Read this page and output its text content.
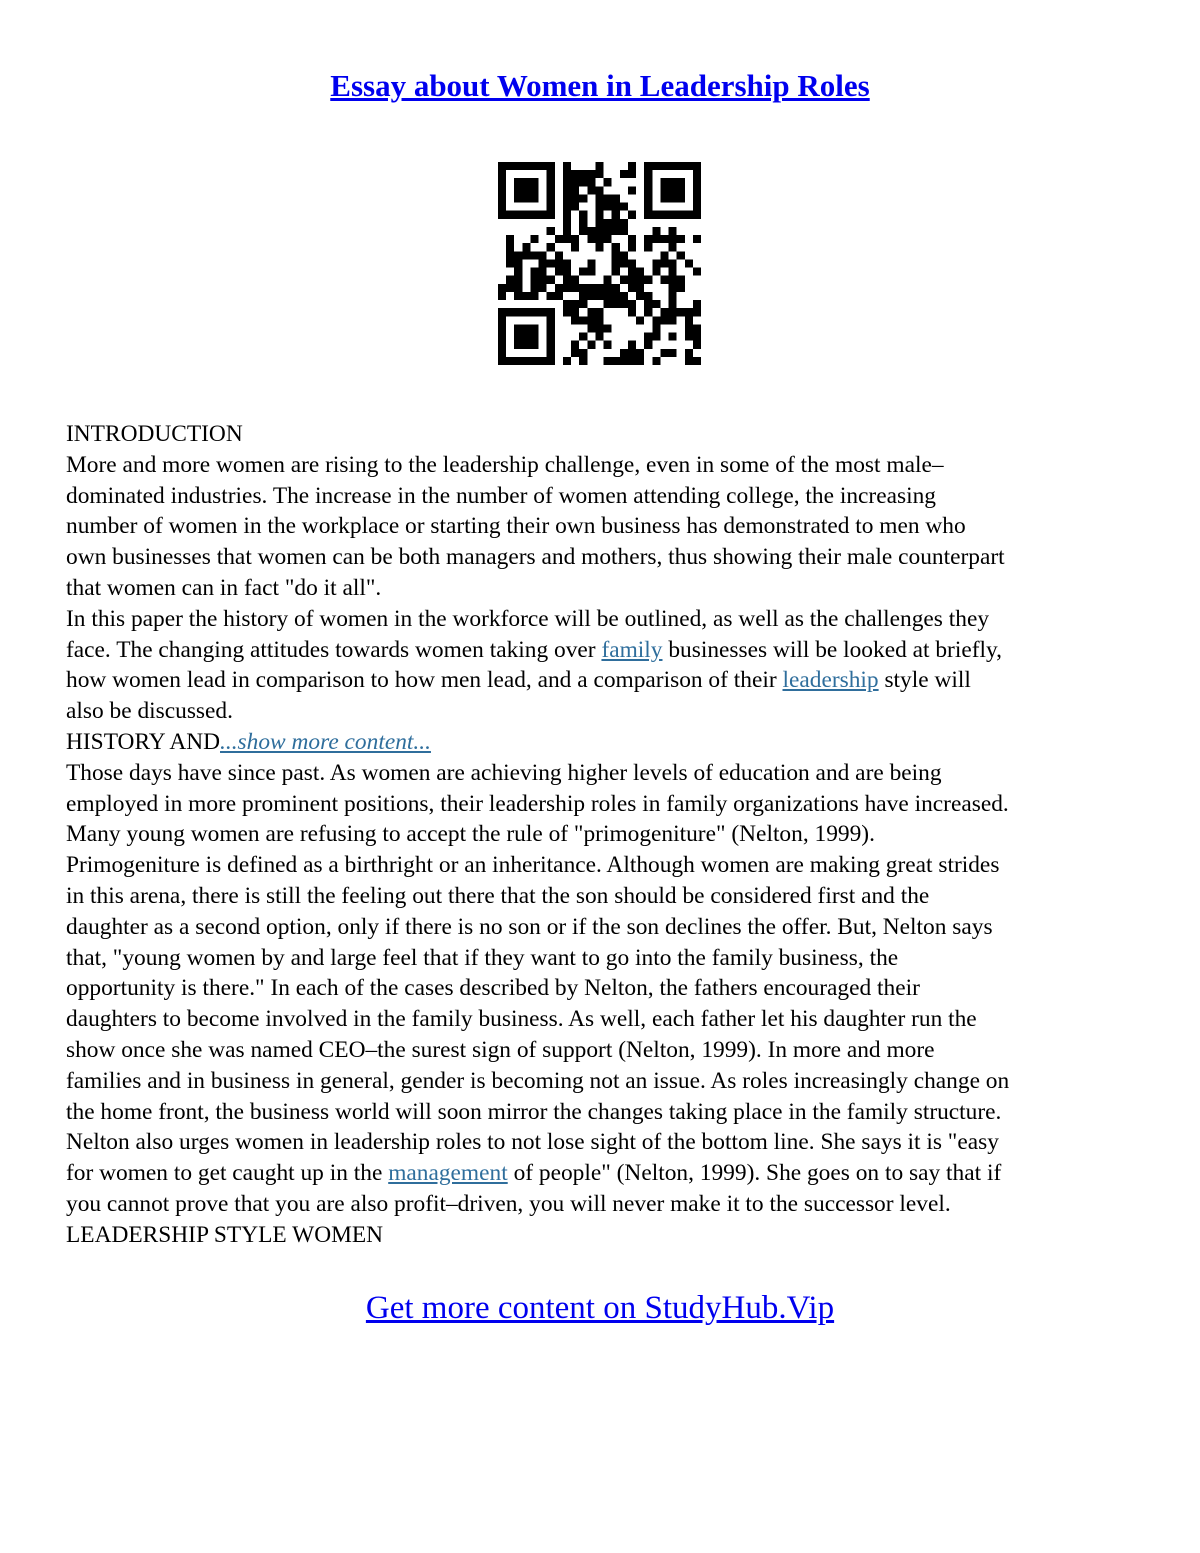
Essay about Women in Leadership Roles
INTRODUCTION
More and more women are rising to the leadership challenge, even in some of the most male–
dominated industries. The increase in the number of women attending college, the increasing
number of women in the workplace or starting their own business has demonstrated to men who
own businesses that women can be both managers and mothers, thus showing their male counterpart
that women can in fact "do it all".
In this paper the history of women in the workforce will be outlined, as well as the challenges they
face. The changing attitudes towards women taking over family businesses will be looked at briefly,
how women lead in comparison to how men lead, and a comparison of their leadership style will
also be discussed.
HISTORY AND...show more content...
Those days have since past. As women are achieving higher levels of education and are being
employed in more prominent positions, their leadership roles in family organizations have increased.
Many young women are refusing to accept the rule of "primogeniture" (Nelton, 1999).
Primogeniture is defined as a birthright or an inheritance. Although women are making great strides
in this arena, there is still the feeling out there that the son should be considered first and the
daughter as a second option, only if there is no son or if the son declines the offer. But, Nelton says
that, "young women by and large feel that if they want to go into the family business, the
opportunity is there." In each of the cases described by Nelton, the fathers encouraged their
daughters to become involved in the family business. As well, each father let his daughter run the
show once she was named CEO–the surest sign of support (Nelton, 1999). In more and more
families and in business in general, gender is becoming not an issue. As roles increasingly change on
the home front, the business world will soon mirror the changes taking place in the family structure.
Nelton also urges women in leadership roles to not lose sight of the bottom line. She says it is "easy
for women to get caught up in the management of people" (Nelton, 1999). She goes on to say that if
you cannot prove that you are also profit–driven, you will never make it to the successor level.
LEADERSHIP STYLE WOMEN
Get more content on StudyHub.Vip
